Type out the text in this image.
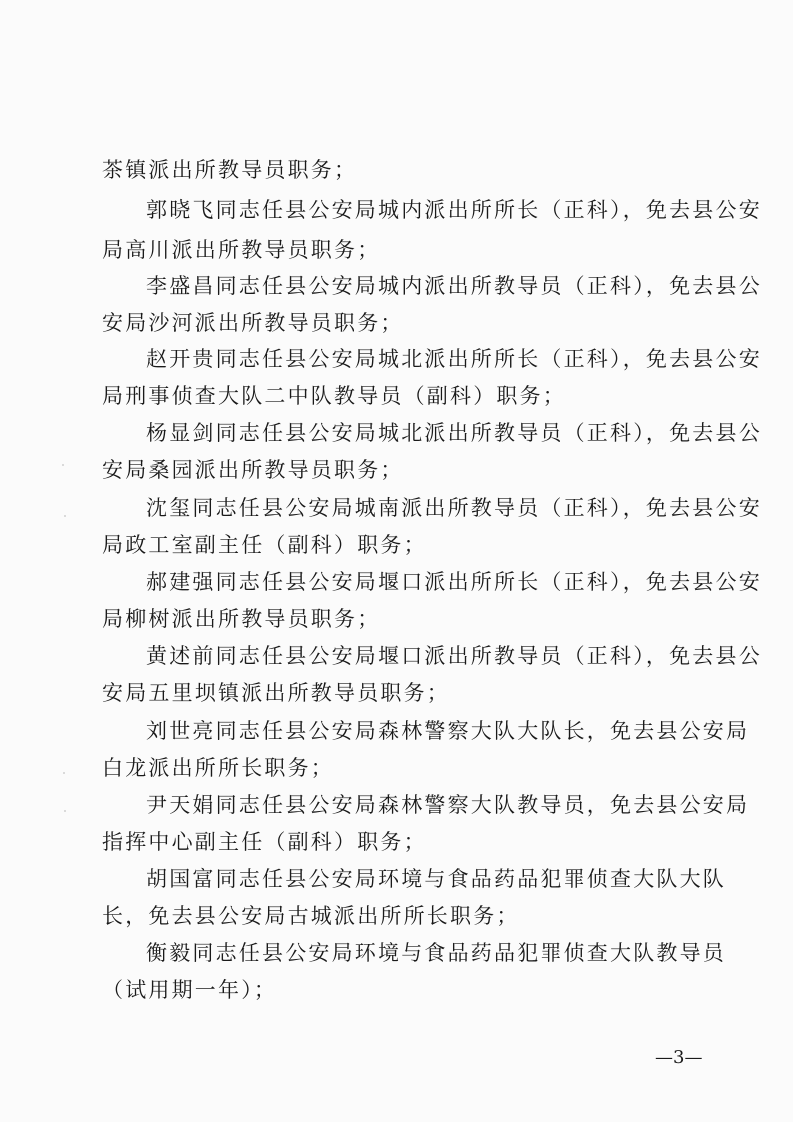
茶镇派出所教导员职务；
郭晓飞同志任县公安局城内派出所所长（正科），免去县公安
局高川派出所教导员职务；
李盛昌同志任县公安局城内派出所教导员（正科），免去县公
安局沙河派出所教导员职务；
赵开贵同志任县公安局城北派出所所长（正科），免去县公安
局刑事侦查大队二中队教导员（副科）职务；
杨显剑同志任县公安局城北派出所教导员（正科），免去县公
安局桑园派出所教导员职务；
沈玺同志任县公安局城南派出所教导员（正科），免去县公安
局政工室副主任（副科）职务；
郝建强同志任县公安局堰口派出所所长（正科），免去县公安
局柳树派出所教导员职务；
黄述前同志任县公安局堰口派出所教导员（正科），免去县公
安局五里坝镇派出所教导员职务；
刘世亮同志任县公安局森林警察大队大队长，免去县公安局
白龙派出所所长职务；
尹天娟同志任县公安局森林警察大队教导员，免去县公安局
指挥中心副主任（副科）职务；
胡国富同志任县公安局环境与食品药品犯罪侦查大队大队
长，免去县公安局古城派出所所长职务；
衡毅同志任县公安局环境与食品药品犯罪侦查大队教导员
（试用期一年）；
—3—
